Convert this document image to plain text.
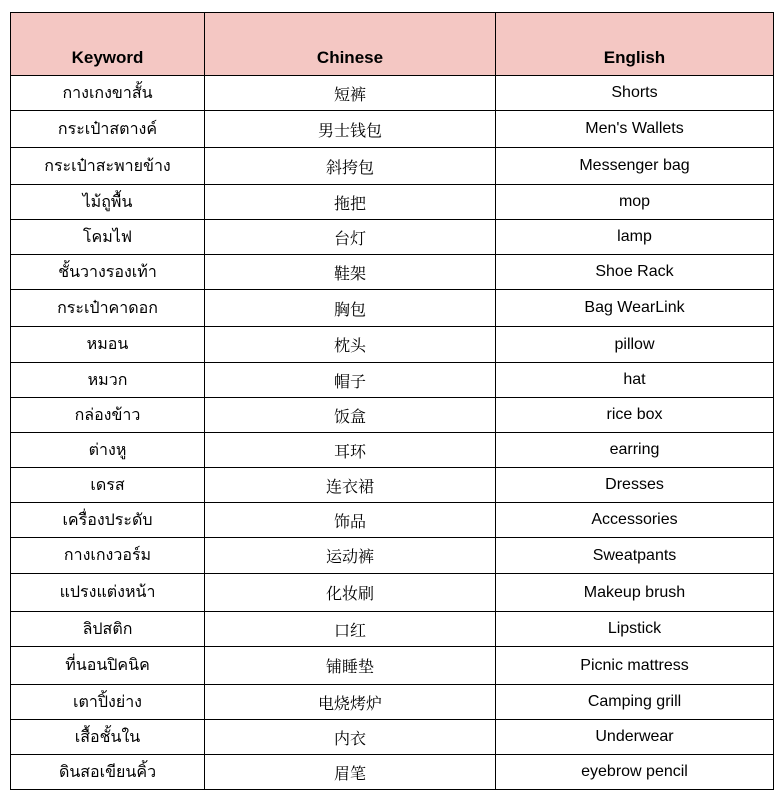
Keyword	Chinese	English
กางเกงขาสั้น	短裤	Shorts
กระเป๋าสตางค์	男士钱包	Men's Wallets
กระเป๋าสะพายข้าง	斜挎包	Messenger bag
ไม้ถูพื้น	拖把	mop
โคมไฟ	台灯	lamp
ชั้นวางรองเท้า	鞋架	Shoe Rack
กระเป๋าคาดอก	胸包	Bag WearLink
หมอน	枕头	pillow
หมวก	帽子	hat
กล่องข้าว	饭盒	rice box
ต่างหู	耳环	earring
เดรส	连衣裙	Dresses
เครื่องประดับ	饰品	Accessories
กางเกงวอร์ม	运动裤	Sweatpants
แปรงแต่งหน้า	化妆刷	Makeup brush
ลิปสติก	口红	Lipstick
ที่นอนปิคนิค	铺睡垫	Picnic mattress
เตาปิ้งย่าง	电烧烤炉	Camping grill
เสื้อชั้นใน	内衣	Underwear
ดินสอเขียนคิ้ว	眉笔	eyebrow pencil
